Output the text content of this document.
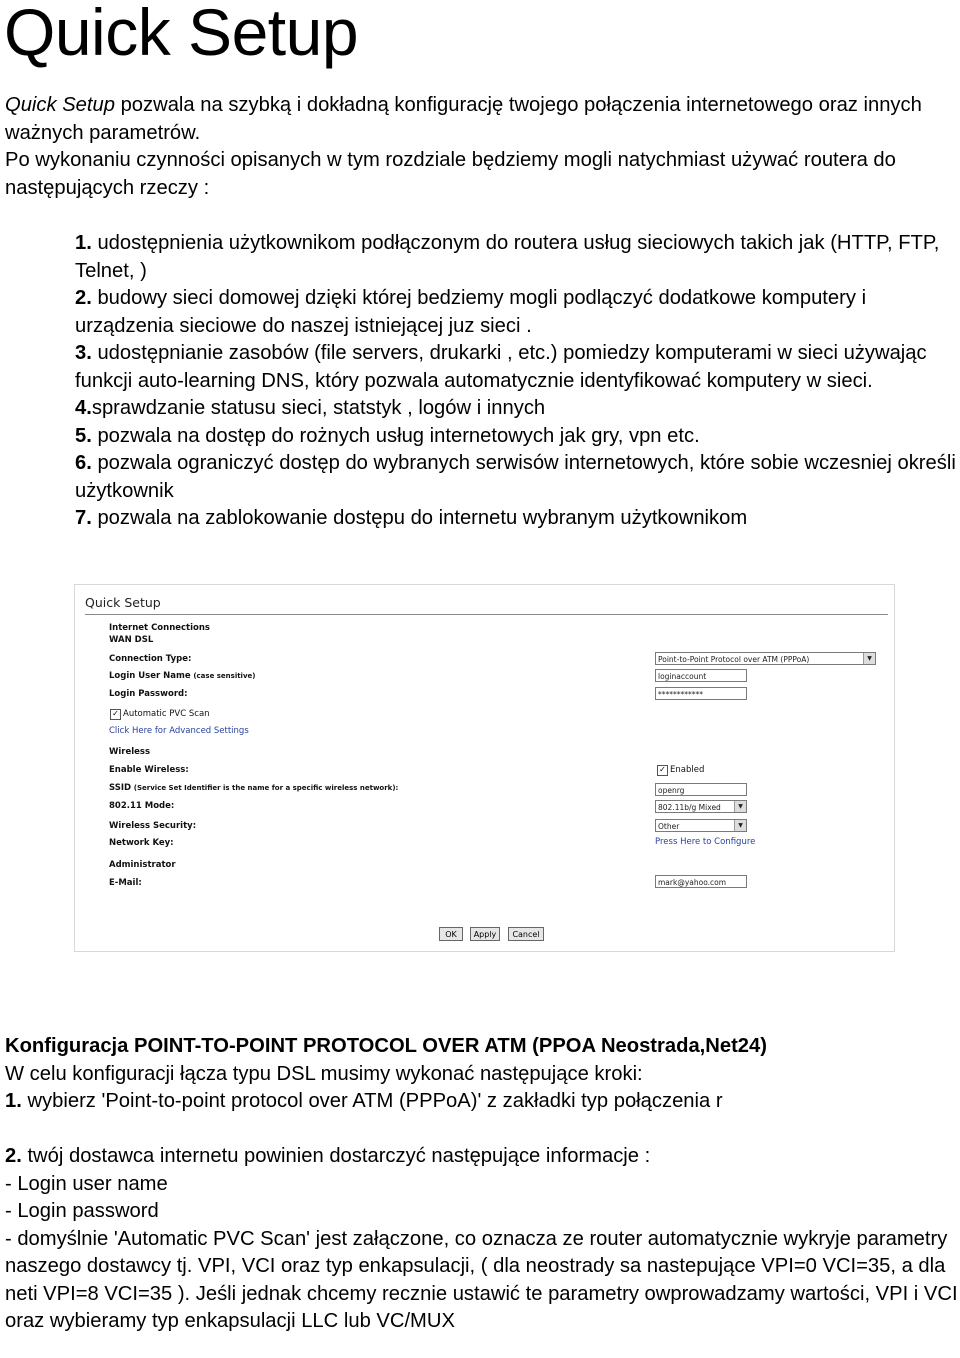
Quick Setup

Quick Setup pozwala na szybką i dokładną konfigurację twojego połączenia internetowego oraz innych ważnych parametrów.
Po wykonaniu czynności opisanych w tym rozdziale będziemy mogli natychmiast używać routera do następujących rzeczy :

1. udostępnienia użytkownikom podłączonym do routera usług sieciowych takich jak (HTTP, FTP, Telnet, )
2. budowy sieci domowej dzięki której bedziemy mogli podlączyć dodatkowe komputery i urządzenia sieciowe do naszej istniejącej juz sieci .
3. udostępnianie zasobów (file servers, drukarki , etc.) pomiedzy komputerami w sieci używając funkcji auto-learning DNS, który pozwala automatycznie identyfikować komputery w sieci.
4.sprawdzanie statusu sieci, statstyk , logów i innych
5. pozwala na dostęp do rożnych usług internetowych jak gry, vpn etc.
6. pozwala ograniczyć dostęp do wybranych serwisów internetowych, które sobie wczesniej określi użytkownik
7. pozwala na zablokowanie dostępu do internetu wybranym użytkownikom
Quick Setup
Internet Connections
WAN DSL
Connection Type:	Point-to-Point Protocol over ATM (PPPoA)	▼
Login User Name (case sensitive)	loginaccount
Login Password:	************
✓ Automatic PVC Scan
Click Here for Advanced Settings
Wireless
Enable Wireless:	✓ Enabled
SSID (Service Set Identifier is the name for a specific wireless network):	openrg
802.11 Mode:	802.11b/g Mixed	▼
Wireless Security:	Other	▼
Network Key:	Press Here to Configure
Administrator
E-Mail:	mark@yahoo.com
OK	Apply	Cancel
Konfiguracja POINT-TO-POINT PROTOCOL OVER ATM (PPOA Neostrada,Net24)
W celu konfiguracji łącza typu DSL musimy wykonać następujące kroki:
1. wybierz 'Point-to-point protocol over ATM (PPPoA)' z zakładki typ połączenia r
2. twój dostawca internetu powinien dostarczyć następujące informacje :
- Login user name
- Login password
- domyślnie 'Automatic PVC Scan' jest załączone, co oznacza ze router automatycznie wykryje parametry naszego dostawcy tj. VPI, VCI oraz typ enkapsulacji, ( dla neostrady sa nastepujące VPI=0 VCI=35, a dla neti VPI=8 VCI=35 ). Jeśli jednak chcemy recznie ustawić te parametry owprowadzamy wartości, VPI i VCI oraz wybieramy typ enkapsulacji LLC lub VC/MUX
